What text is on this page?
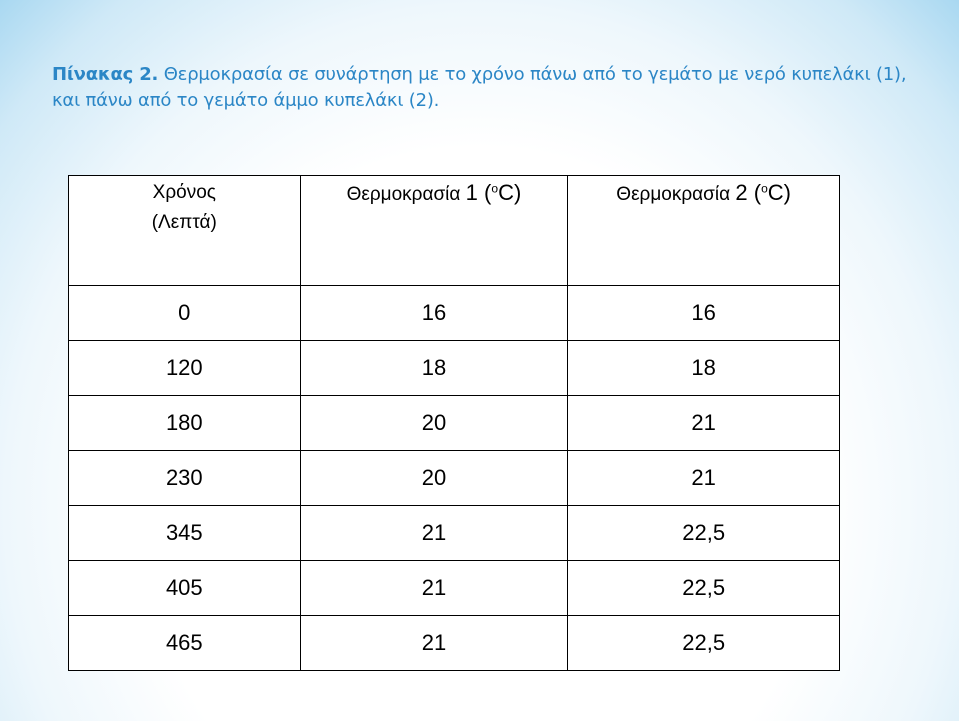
Πίνακας 2. Θερμοκρασία σε συνάρτηση με το χρόνο πάνω από το γεμάτο με νερό κυπελάκι (1), και πάνω από το γεμάτο άμμο κυπελάκι (2).
Χρόνος
(Λεπτά)	Θερμοκρασία 1 ($^o$C)	Θερμοκρασία 2 ($^o$C)
0	16	16
120	18	18
180	20	21
230	20	21
345	21	22,5
405	21	22,5
465	21	22,5
